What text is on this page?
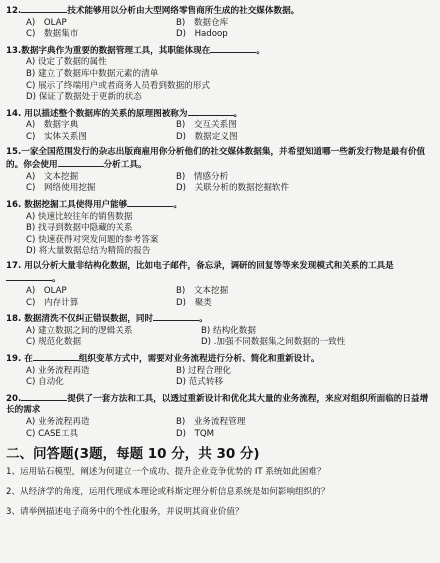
12.	技术能够用以分析由大型网络零售商所生成的社交媒体数据。
A)　OLAP	B)　数据仓库
C)　数据集市	D)　Hadoop
13.数据字典作为重要的数据管理工具，其职能体现在	。
A) 设定了数据的属性
B) 建立了数据库中数据元素的清单
C) 展示了终端用户或者商务人员看到数据的形式
D) 保证了数据处于更新的状态
14. 用以描述整个数据库的关系的原理图被称为	。
A)　数据字典	B)　交互关系图
C)　实体关系图	D)　数据定义图
15.一家全国范围发行的杂志出版商雇用你分析他们的社交媒体数据集，并希望知道哪一些新发行物是最有价值的。你会使用	分析工具。
A)　文本挖掘	B)　情感分析
C)　网络使用挖掘	D)　关联分析的数据挖掘软件
16. 数据挖掘工具使得用户能够	。
A) 快速比较往年的销售数据
B) 找寻到数据中隐藏的关系
C) 快速获得对突发问题的参考答案
D) 将大量数据总结为精简的报告
17. 用以分析大量非结构化数据，比如电子邮件，备忘录，调研的回复等等来发现模式和关系的工具是。
A)　OLAP	B)　文本挖掘
C)　内存计算	D)　聚类
18. 数据清洗不仅纠正错误数据，同时	。
A) 建立数据之间的逻辑关系	B) 结构化数据
C) 规范化数据	D) .加强不同数据集之间数据的一致性
19. 在	组织变革方式中，需要对业务流程进行分析、简化和重新设计。
A) 业务流程再造	B) 过程合理化
C) 自动化	D) 范式转移
20.	提供了一套方法和工具，以透过重新设计和优化其大量的业务流程，来应对组织所面临的日益增长的需求
A) 业务流程再造	B)　业务流程管理
C) CASE工具	D)　TQM
二、问答题(3题，每题 10 分，共 30 分)
1、运用钻石模型，阐述为何建立一个成功、提升企业竞争优势的 IT 系统如此困难？
2、从经济学的角度，运用代理成本理论或科斯定理分析信息系统是如何影响组织的？
3、请举例描述电子商务中的个性化服务，并说明其商业价值？
